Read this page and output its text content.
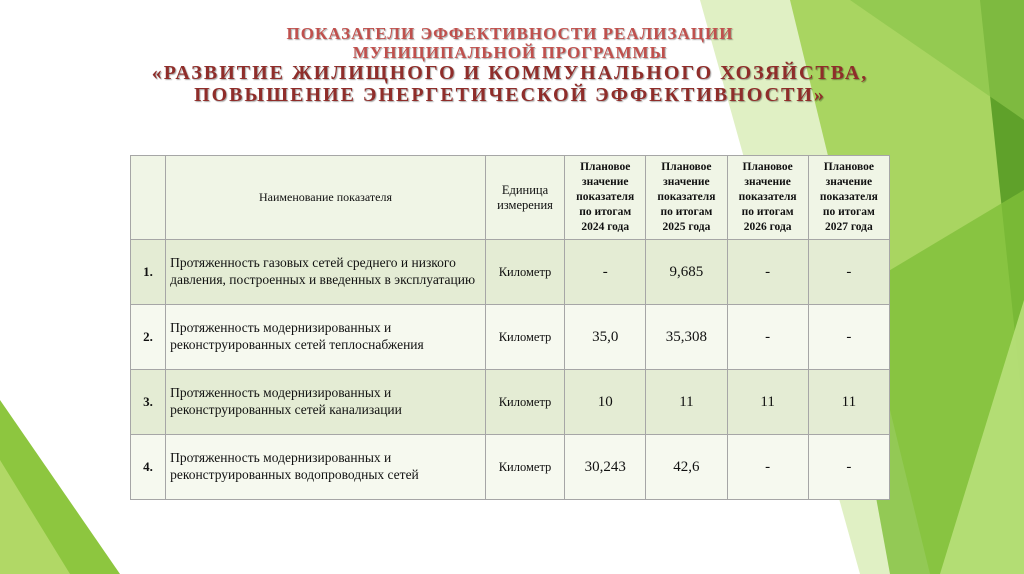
ПОКАЗАТЕЛИ ЭФФЕКТИВНОСТИ РЕАЛИЗАЦИИ
МУНИЦИПАЛЬНОЙ ПРОГРАММЫ
«РАЗВИТИЕ ЖИЛИЩНОГО И КОММУНАЛЬНОГО ХОЗЯЙСТВА,
ПОВЫШЕНИЕ ЭНЕРГЕТИЧЕСКОЙ ЭФФЕКТИВНОСТИ»
	Наименование показателя	Единица измерения	Плановое значение показателя по итогам 2024 года	Плановое значение показателя по итогам 2025 года	Плановое значение показателя по итогам 2026 года	Плановое значение показателя по итогам 2027 года
1.	Протяженность газовых сетей среднего и низкого давления, построенных и введенных в эксплуатацию	Километр	-	9,685	-	-
2.	Протяженность модернизированных и реконструированных сетей теплоснабжения	Километр	35,0	35,308	-	-
3.	Протяженность модернизированных и реконструированных сетей канализации	Километр	10	11	11	11
4.	Протяженность модернизированных и реконструированных водопроводных сетей	Километр	30,243	42,6	-	-
